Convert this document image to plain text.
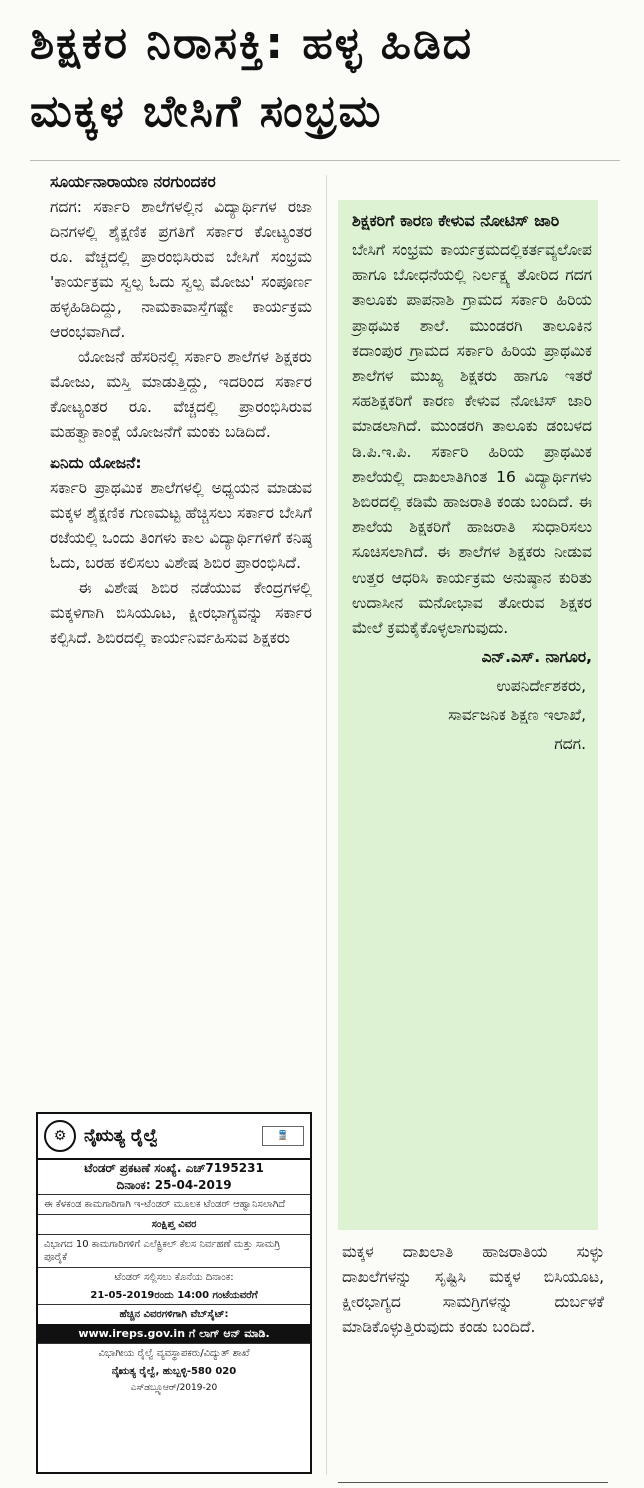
ಶಿಕ್ಷಕರ ನಿರಾಸಕ್ತಿ: ಹಳ್ಳ ಹಿಡಿದ
ಮಕ್ಕಳ ಬೇಸಿಗೆ ಸಂಭ್ರಮ

ಸೂರ್ಯನಾರಾಯಣ ನರಗುಂದಕರ

ಗದಗ: ಸರ್ಕಾರಿ ಶಾಲೆಗಳಲ್ಲಿನ ವಿದ್ಯಾರ್ಥಿಗಳ ರಜಾ ದಿನಗಳಲ್ಲಿ ಶೈಕ್ಷಣಿಕ ಪ್ರಗತಿಗೆ ಸರ್ಕಾರ ಕೋಟ್ಯಂತರ ರೂ. ವೆಚ್ಚದಲ್ಲಿ ಪ್ರಾರಂಭಿಸಿರುವ ಬೇಸಿಗೆ ಸಂಭ್ರಮ 'ಕಾರ್ಯಕ್ರಮ ಸ್ವಲ್ಪ ಓದು ಸ್ವಲ್ಪ ಮೋಜು' ಸಂಪೂರ್ಣ ಹಳ್ಳಹಿಡಿದಿದ್ದು, ನಾಮಕಾವಾಸ್ತೆಗಷ್ಟೇ ಕಾರ್ಯಕ್ರಮ ಆರಂಭವಾಗಿದೆ.

ಯೋಜನೆ ಹೆಸರಿನಲ್ಲಿ ಸರ್ಕಾರಿ ಶಾಲೆಗಳ ಶಿಕ್ಷಕರು ಮೋಜು, ಮಸ್ತಿ ಮಾಡುತ್ತಿದ್ದು, ಇದರಿಂದ ಸರ್ಕಾರ ಕೋಟ್ಯಂತರ ರೂ. ವೆಚ್ಚದಲ್ಲಿ ಪ್ರಾರಂಭಿಸಿರುವ ಮಹತ್ವಾಕಾಂಕ್ಷೆ ಯೋಜನೆಗೆ ಮಂಕು ಬಡಿದಿದೆ.

ಏನಿದು ಯೋಜನೆ:

ಸರ್ಕಾರಿ ಪ್ರಾಥಮಿಕ ಶಾಲೆಗಳಲ್ಲಿ ಅಧ್ಯಯನ ಮಾಡುವ ಮಕ್ಕಳ ಶೈಕ್ಷಣಿಕ ಗುಣಮಟ್ಟ ಹೆಚ್ಚಿಸಲು ಸರ್ಕಾರ ಬೇಸಿಗೆ ರಜೆಯಲ್ಲಿ ಒಂದು ತಿಂಗಳು ಕಾಲ ವಿದ್ಯಾರ್ಥಿಗಳಿಗೆ ಕನಿಷ್ಠ ಓದು, ಬರಹ ಕಲಿಸಲು ವಿಶೇಷ ಶಿಬಿರ ಪ್ರಾರಂಭಿಸಿದೆ.

ಈ ವಿಶೇಷ ಶಿಬಿರ ನಡೆಯುವ ಕೇಂದ್ರಗಳಲ್ಲಿ ಮಕ್ಕಳಿಗಾಗಿ ಬಿಸಿಯೂಟ, ಕ್ಷೀರಭಾಗ್ಯವನ್ನು ಸರ್ಕಾರ ಕಲ್ಪಿಸಿದೆ. ಶಿಬಿರದಲ್ಲಿ ಕಾರ್ಯನಿರ್ವಹಿಸುವ ಶಿಕ್ಷಕರು

ಶಿಕ್ಷಕರಿಗೆ ಕಾರಣ ಕೇಳುವ ನೋಟಿಸ್ ಜಾರಿ

ಬೇಸಿಗೆ ಸಂಭ್ರಮ ಕಾರ್ಯಕ್ರಮದಲ್ಲಿಕರ್ತವ್ಯಲೋಪ ಹಾಗೂ ಬೋಧನೆಯಲ್ಲಿ ನಿರ್ಲಕ್ಷ್ಯ ತೋರಿದ ಗದಗ ತಾಲೂಕು ಪಾಪನಾಶಿ ಗ್ರಾಮದ ಸರ್ಕಾರಿ ಹಿರಿಯ ಪ್ರಾಥಮಿಕ ಶಾಲೆ. ಮುಂಡರಗಿ ತಾಲೂಕಿನ ಕದಾಂಪುರ ಗ್ರಾಮದ ಸರ್ಕಾರಿ ಹಿರಿಯ ಪ್ರಾಥಮಿಕ ಶಾಲೆಗಳ ಮುಖ್ಯ ಶಿಕ್ಷಕರು ಹಾಗೂ ಇತರೆ ಸಹಶಿಕ್ಷಕರಿಗೆ ಕಾರಣ ಕೇಳುವ ನೋಟಿಸ್ ಜಾರಿ ಮಾಡಲಾಗಿದೆ. ಮುಂಡರಗಿ ತಾಲೂಕು ಡಂಬಳದ ಡಿ.ಪಿ.ಇ.ಪಿ. ಸರ್ಕಾರಿ ಹಿರಿಯ ಪ್ರಾಥಮಿಕ ಶಾಲೆಯಲ್ಲಿ ದಾಖಲಾತಿಗಿಂತ 16 ವಿದ್ಯಾರ್ಥಿಗಳು ಶಿಬಿರದಲ್ಲಿ ಕಡಿಮೆ ಹಾಜರಾತಿ ಕಂಡು ಬಂದಿದೆ. ಈ ಶಾಲೆಯ ಶಿಕ್ಷಕರಿಗೆ ಹಾಜರಾತಿ ಸುಧಾರಿಸಲು ಸೂಚಿಸಲಾಗಿದೆ. ಈ ಶಾಲೆಗಳ ಶಿಕ್ಷಕರು ನೀಡುವ ಉತ್ತರ ಆಧರಿಸಿ ಕಾರ್ಯಕ್ರಮ ಅನುಷ್ಠಾನ ಕುರಿತು ಉದಾಸೀನ ಮನೋಭಾವ ತೋರುವ ಶಿಕ್ಷಕರ ಮೇಲೆ ಕ್ರಮಕೈಕೊಳ್ಳಲಾಗುವುದು.

ಎನ್.ಎಸ್. ನಾಗೂರ,
ಉಪನಿರ್ದೇಶಕರು,
ಸಾರ್ವಜನಿಕ ಶಿಕ್ಷಣ ಇಲಾಖೆ,
ಗದಗ.
ಮಕ್ಕಳ ದಾಖಲಾತಿ ಹಾಜರಾತಿಯ ಸುಳ್ಳು ದಾಖಲೆಗಳನ್ನು ಸೃಷ್ಟಿಸಿ ಮಕ್ಕಳ ಬಿಸಿಯೂಟ, ಕ್ಷೀರಭಾಗ್ಯದ ಸಾಮಗ್ರಿಗಳನ್ನು ದುರ್ಬಳಕೆ ಮಾಡಿಕೊಳ್ಳುತ್ತಿರುವುದು ಕಂಡು ಬಂದಿದೆ.
⚙	ನೈಋತ್ಯ ರೈಲ್ವೆ	🚆
ಟೆಂಡರ್ ಪ್ರಕಟಣೆ ಸಂಖ್ಯೆ. ಎಚ್7195231
ದಿನಾಂಕ: 25-04-2019
ಈ ಕೆಳಕಂಡ ಕಾಮಗಾರಿಗಾಗಿ ಇ-ಟೆಂಡರ್ ಮೂಲಕ ಟೆಂಡರ್ ಆಹ್ವಾನಿಸಲಾಗಿದೆ
ಸಂಕ್ಷಿಪ್ತ ವಿವರ
ವಿಭಾಗದ 10 ಕಾಮಗಾರಿಗಳಿಗೆ ಎಲೆಕ್ಟ್ರಿಕಲ್ ಕೆಲಸ ನಿರ್ವಹಣೆ ಮತ್ತು ಸಾಮಗ್ರಿ ಪೂರೈಕೆ
ಟೆಂಡರ್ ಸಲ್ಲಿಸಲು ಕೊನೆಯ ದಿನಾಂಕ:
21-05-2019ರಂದು 14:00 ಗಂಟೆಯವರೆಗೆ
ಹೆಚ್ಚಿನ ವಿವರಗಳಿಗಾಗಿ ವೆಬ್‌ಸೈಟ್:
www.ireps.gov.in ಗೆ ಲಾಗ್ ಆನ್ ಮಾಡಿ.
ವಿಭಾಗೀಯ ರೈಲ್ವೆ ವ್ಯವಸ್ಥಾಪಕರು/ವಿದ್ಯುತ್ ಶಾಖೆ
ನೈಋತ್ಯ ರೈಲ್ವೆ, ಹುಬ್ಬಳ್ಳಿ-580 020
ಎಸ್‌ಡಬ್ಲ್ಯೂಆರ್/2019-20
